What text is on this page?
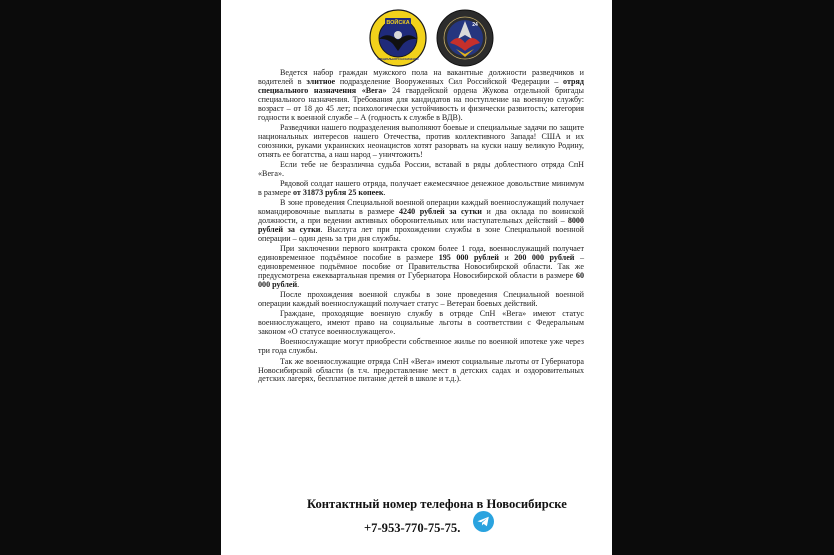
ВОЙСКА
СПЕЦИАЛЬНОГО НАЗНАЧЕНИЯ
24

Ведется набор граждан мужского пола на вакантные должности разведчиков и водителей в элитное подразделение Вооруженных Сил Российской Федерации – отряд специального назначения «Вега» 24 гвардейской ордена Жукова отдельной бригады специального назначения. Требования для кандидатов на поступление на военную службу: возраст – от 18 до 45 лет; психологически устойчивость и физически развитость; категория годности к военной службе – А (годность к службе в ВДВ).

Разведчики нашего подразделения выполняют боевые и специальные задачи по защите национальных интересов нашего Отечества, против коллективного Запада! США и их союзники, руками украинских неонацистов хотят разорвать на куски нашу великую Родину, отнять ее богатства, а наш народ – уничтожить!

Если тебе не безразлична судьба России, вставай в ряды доблестного отряда СпН «Вега».

Рядовой солдат нашего отряда, получает ежемесячное денежное довольствие минимум в размере от 31873 рубля 25 копеек.

В зоне проведения Специальной военной операции каждый военнослужащий получает командировочные выплаты в размере 4240 рублей за сутки и два оклада по воинской должности, а при ведении активных оборонительных или наступательных действий – 8000 рублей за сутки. Выслуга лет при прохождении службы в зоне Специальной военной операции – один день за три дня службы.

При заключении первого контракта сроком более 1 года, военнослужащий получает единовременное подъёмное пособие в размере 195 000 рублей и 200 000 рублей – единовременное подъёмное пособие от Правительства Новосибирской области. Так же предусмотрена ежеквартальная премия от Губернатора Новосибирской области в размере 60 000 рублей.

После прохождения военной службы в зоне проведения Специальной военной операции каждый военнослужащий получает статус – Ветеран боевых действий.

Граждане, проходящие военную службу в отряде СпН «Вега» имеют статус военнослужащего, имеют право на социальные льготы в соответствии с Федеральным законом «О статусе военнослужащего».

Военнослужащие могут приобрести собственное жилье по военной ипотеке уже через три года службы.

Так же военнослужащие отряда СпН «Вега» имеют социальные льготы от Губернатора Новосибирской области (в т.ч. предоставление мест в детских садах и оздоровительных детских лагерях, бесплатное питание детей в школе и т.д.).

Контактный номер телефона в Новосибирске
+7-953-770-75-75.
